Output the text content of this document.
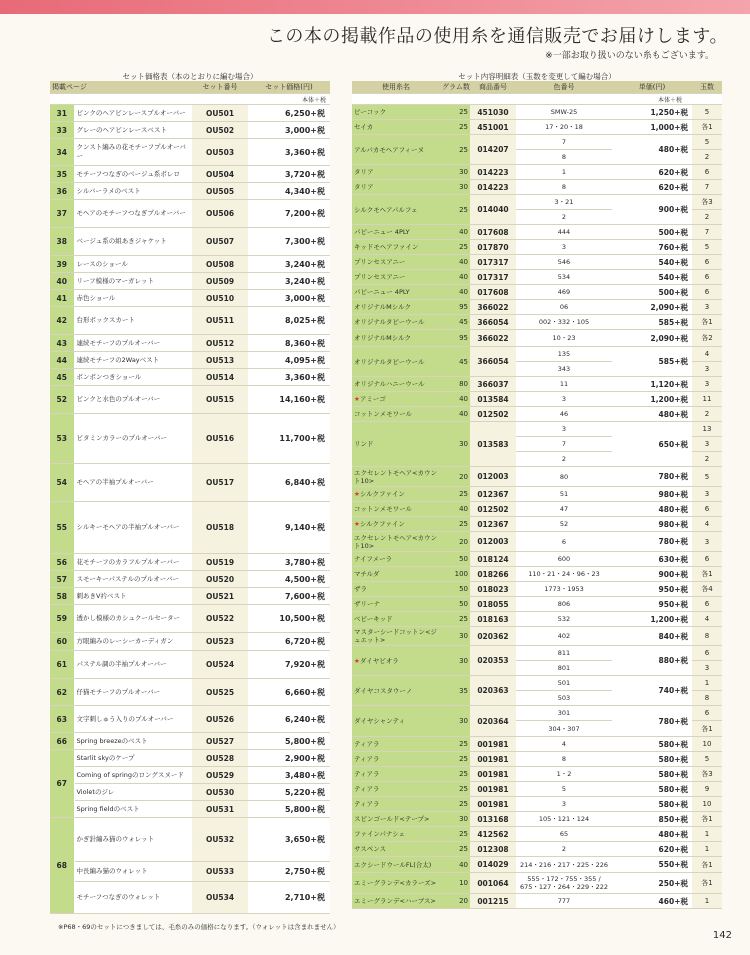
この本の掲載作品の使用糸を通信販売でお届けします。
※一部お取り扱いのない糸もございます。
セット価格表（本のとおりに編む場合）	セット内容明細表（玉数を変更して編む場合）
掲載ページ		セット番号	セット価格(円)
本体＋税			
31	ピンクのヘアピンレースプルオーバー	OU501	6,250+税
33	グレーのヘアピンレースベスト	OU502	3,000+税
34	クンスト編みの花モチーフプルオーバー	OU503	3,360+税
35	モチーフつなぎのベージュ系ボレロ	OU504	3,720+税
36	シルバーラメのベスト	OU505	4,340+税
37	モヘアのモチーフつなぎプルオーバー	OU506	7,200+税
38	ベージュ系の組あきジャケット	OU507	7,300+税
39	レースのショール	OU508	3,240+税
40	リーフ模様のマーガレット	OU509	3,240+税
41	赤色ショール	OU510	3,000+税
42	台形ボックスカート	OU511	8,025+税
43	連続モチーフのプルオーバー	OU512	8,360+税
44	連続モチーフの2Wayベスト	OU513	4,095+税
45	ボンボンつきショール	OU514	3,360+税
52	ピンクと水色のプルオーバー	OU515	14,160+税
53	ビタミンカラーのプルオーバー	OU516	11,700+税
54	モヘアの半袖プルオーバー	OU517	6,840+税
55	シルキーモヘアの半袖プルオーバー	OU518	9,140+税
56	花モチーフのカラフルプルオーバー	OU519	3,780+税
57	スモーキーパステルのプルオーバー	OU520	4,500+税
58	刺あきV衿ベスト	OU521	7,600+税
59	透かし模様のカシュクールセーター	OU522	10,500+税
60	方眼編みのレーシーカーディガン	OU523	6,720+税
61	パステル調の半袖プルオーバー	OU524	7,920+税
62	仔猫モチーフのプルオーバー	OU525	6,660+税
63	文字刺しゅう入りのプルオーバー	OU526	6,240+税
66	Spring breezeのベスト	OU527	5,800+税
67	Starlit skyのケープ	OU528	2,900+税
	Coming of springのロングスヌード	OU529	3,480+税
	Violetのジレ	OU530	5,220+税
	Spring fieldのベスト	OU531	5,800+税
68	かぎ針編み猫のウォレット	OU532	3,650+税
	中長編み猫のウォレット	OU533	2,750+税
	モチーフつなぎのウォレット	OU534	2,710+税
使用糸名	グラム数	商品番号	色番号	単価(円)	玉数
本体＋税					
ピーコック	25	451030	SMW-25	1,250+税	5
セイカ	25	451001	17・20・18	1,000+税	各1
アルパカモヘアフィーヌ	25	014207	7	480+税	5
			8		2
タリア	30	014223	1	620+税	6
タリア	30	014223	8	620+税	7
シルクモヘアパルフェ	25	014040	3・21	900+税	各3
			2		2
パピーニュー 4PLY	40	017608	444	500+税	7
キッドモヘアファイン	25	017870	3	760+税	5
プリンセスアニー	40	017317	546	540+税	6
プリンセスアニー	40	017317	534	540+税	6
パピーニュー 4PLY	40	017608	469	500+税	6
オリジナルMシルク	95	366022	06	2,090+税	3
オリジナルタピーウール	45	366054	002・332・105	585+税	各1
オリジナルMシルク	95	366022	10・23	2,090+税	各2
オリジナルタピーウール	45	366054	135	585+税	4
			343		3
オリジナルハニーウール	80	366037	11	1,120+税	3
★アミーゴ	40	013584	3	1,200+税	11
コットンメモワール	40	012502	46	480+税	2
リンド	30	013583	3	650+税	13
			7		3
			2		2
エクセレントモヘア<カウント10>	20	012003	80	780+税	5
★シルクファイン	25	012367	51	980+税	3
コットンメモワール	40	012502	47	480+税	6
★シルクファイン	25	012367	52	980+税	4
エクセレントモヘア<カウント10>	20	012003	6	780+税	3
ナイフメーラ	50	018124	600	630+税	6
マチルダ	100	018266	110・21・24・96・23	900+税	各1
ザラ	50	018023	1773・1953	950+税	各4
ザリーナ	50	018055	806	950+税	6
ベビーキッド	25	018163	532	1,200+税	4
マスターシードコットン<ジュエット>	30	020362	402	840+税	8
★ダイヤピオラ	30	020353	811	880+税	6
			801		3
ダイヤコスタウーノ	35	020363	501	740+税	1
			503		8
ダイヤシャンティ	30	020364	301	780+税	6
			304・307		各1
ティアラ	25	001981	4	580+税	10
ティアラ	25	001981	8	580+税	5
ティアラ	25	001981	1・2	580+税	各3
ティアラ	25	001981	5	580+税	9
ティアラ	25	001981	3	580+税	10
スピンゴールド<テープ>	30	013168	105・121・124	850+税	各1
ファインパナシェ	25	412562	65	480+税	1
サスペンス	25	012308	2	620+税	1
エクシードウールFL(合太)	40	014029	214・216・217・225・226	550+税	各1
エミーグランデ<カラーズ>	10	001064	555・172・755・355 / 675・127・264・229・222	250+税	各1
エミーグランデ<ハーブス>	20	001215	777	460+税	1
※P68・69のセットにつきましては、毛糸のみの価格になります。（ウォレットは含まれません）
142
